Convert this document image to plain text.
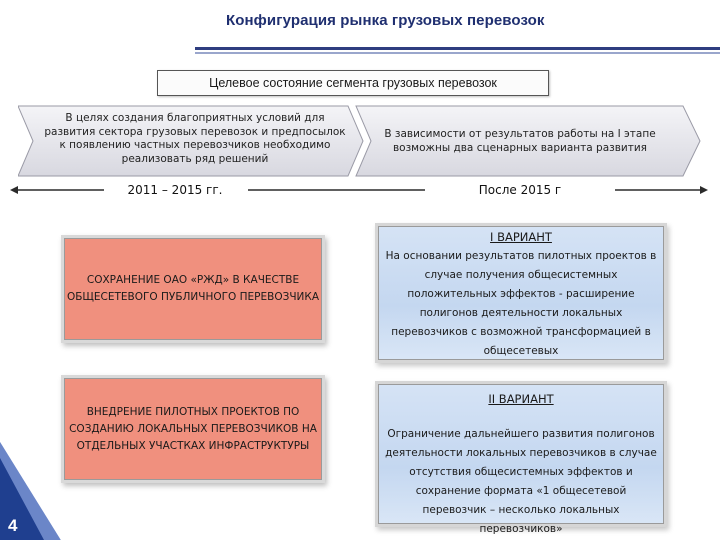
Конфигурация рынка грузовых перевозок
Целевое состояние сегмента грузовых перевозок
В целях создания благоприятных условий для развития сектора грузовых перевозок и предпосылок к появлению частных перевозчиков необходимо реализовать ряд решений
В зависимости от результатов работы на I этапе возможны два сценарных варианта развития
2011 – 2015 гг.	После 2015 г
СОХРАНЕНИЕ ОАО «РЖД» В КАЧЕСТВЕ ОБЩЕСЕТЕВОГО ПУБЛИЧНОГО ПЕРЕВОЗЧИКА
ВНЕДРЕНИЕ ПИЛОТНЫХ ПРОЕКТОВ ПО СОЗДАНИЮ ЛОКАЛЬНЫХ ПЕРЕВОЗЧИКОВ НА ОТДЕЛЬНЫХ УЧАСТКАХ ИНФРАСТРУКТУРЫ
I ВАРИАНТ
На основании результатов пилотных проектов в случае получения общесистемных положительных эффектов - расширение полигонов деятельности локальных перевозчиков с возможной трансформацией в общесетевых
II ВАРИАНТ
Ограничение дальнейшего развития полигонов деятельности локальных перевозчиков в случае отсутствия общесистемных эффектов и сохранение формата «1 общесетевой перевозчик – несколько локальных перевозчиков»
4
